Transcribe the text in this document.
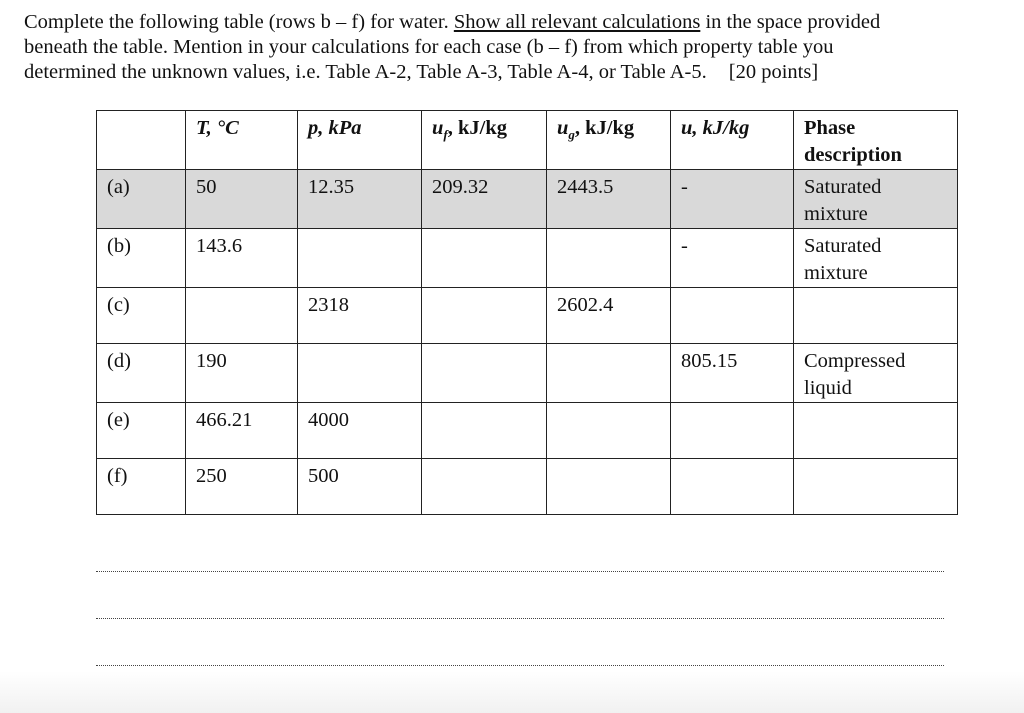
Complete the following table (rows b – f) for water. Show all relevant calculations in the space provided
beneath the table. Mention in your calculations for each case (b – f) from which property table you
determined the unknown values, i.e. Table A-2, Table A-3, Table A-4, or Table A-5. [20 points]
	T, °C	p, kPa	$u_f$, kJ/kg	$u_g$, kJ/kg	u, kJ/kg	Phase description
(a)	50	12.35	209.32	2443.5	-	Saturated mixture
(b)	143.6				-	Saturated mixture
(c)		2318		2602.4		
(d)	190				805.15	Compressed liquid
(e)	466.21	4000				
(f)	250	500				
